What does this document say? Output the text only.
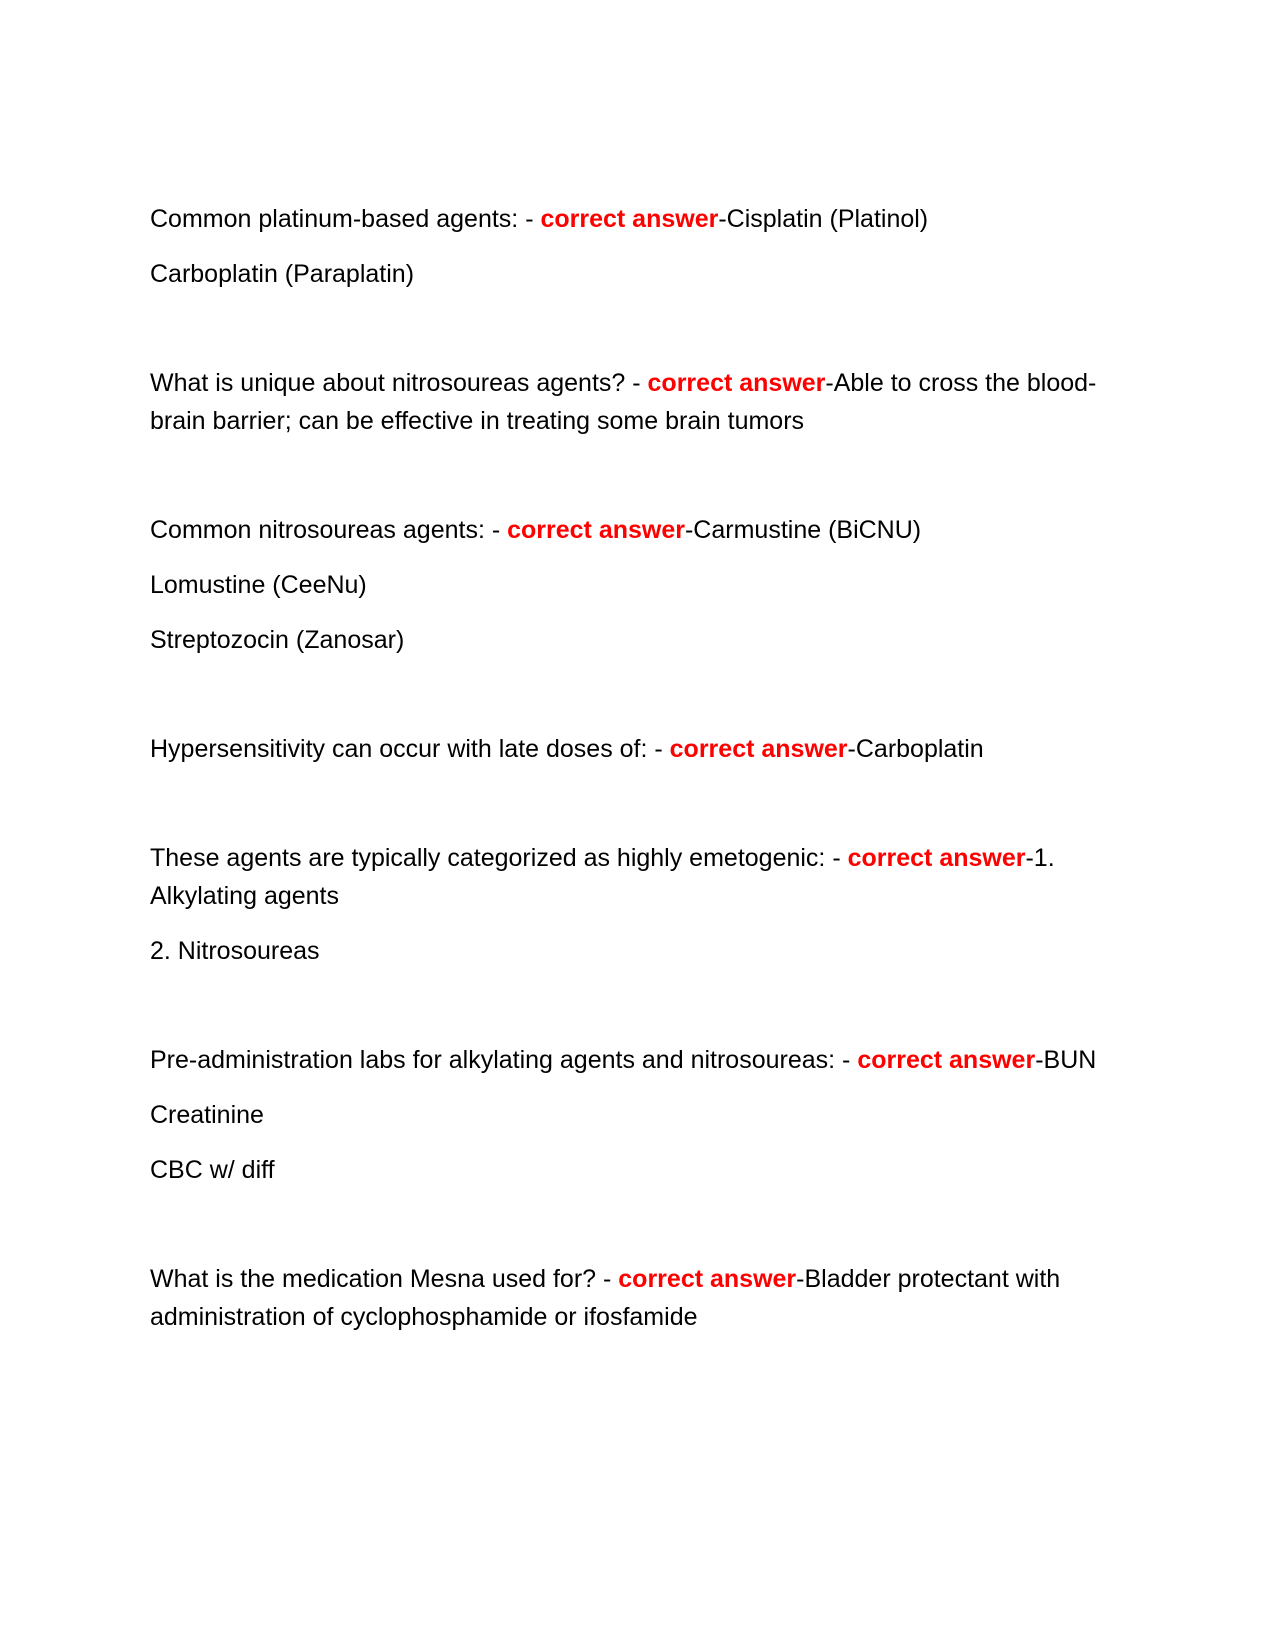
Common platinum-based agents: - correct answer-Cisplatin (Platinol)

Carboplatin (Paraplatin)

What is unique about nitrosoureas agents? - correct answer-Able to cross the blood-brain barrier; can be effective in treating some brain tumors

Common nitrosoureas agents: - correct answer-Carmustine (BiCNU)

Lomustine (CeeNu)

Streptozocin (Zanosar)

Hypersensitivity can occur with late doses of: - correct answer-Carboplatin

These agents are typically categorized as highly emetogenic: - correct answer-1. Alkylating agents

2. Nitrosoureas

Pre-administration labs for alkylating agents and nitrosoureas: - correct answer-BUN

Creatinine

CBC w/ diff

What is the medication Mesna used for? - correct answer-Bladder protectant with administration of cyclophosphamide or ifosfamide
